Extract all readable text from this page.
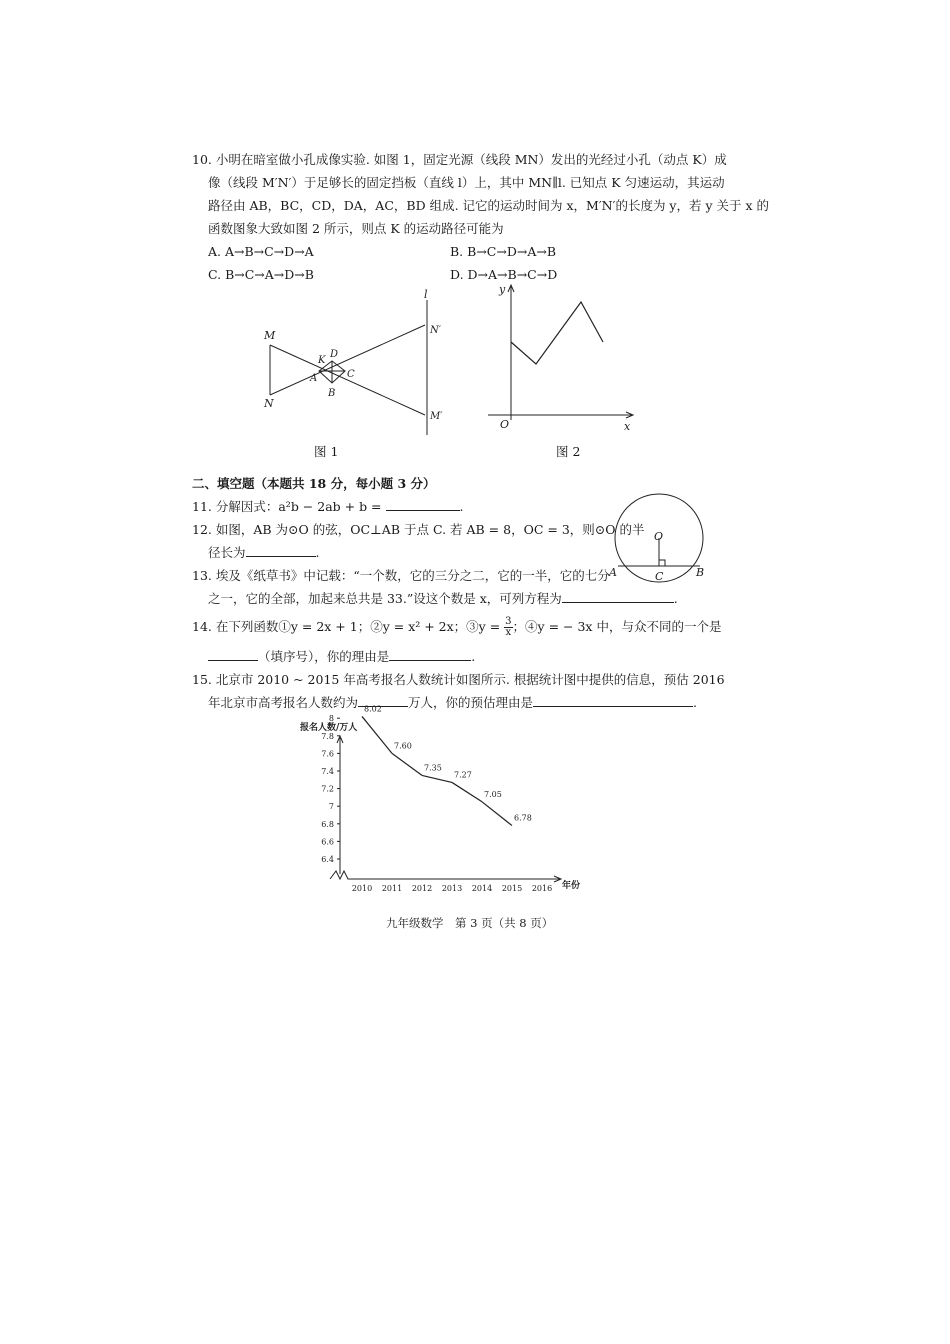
10. 小明在暗室做小孔成像实验. 如图 1，固定光源（线段 MN）发出的光经过小孔（动点 K）成
像（线段 M′N′）于足够长的固定挡板（直线 l）上，其中 MN∥l. 已知点 K 匀速运动，其运动
路径由 AB，BC，CD，DA，AC，BD 组成. 记它的运动时间为 x，M′N′的长度为 y，若 y 关于 x 的
函数图象大致如图 2 所示，则点 K 的运动路径可能为
A. A→B→C→D→A	B. B→C→D→A→B
C. B→C→A→D→B	D. D→A→B→C→D
M
N
K
D
A	C
B
l
N′
M′
图 1
y
x
O
图 2
二、填空题（本题共 18 分，每小题 3 分）
11. 分解因式：a²b − 2ab + b =	.
12. 如图，AB 为⊙O 的弦，OC⊥AB 于点 C. 若 AB = 8，OC = 3，则⊙O 的半
径长为	.
O
A	B
C
13. 埃及《纸草书》中记载：“一个数，它的三分之二，它的一半，它的七分
之一，它的全部，加起来总共是 33.”设这个数是 x，可列方程为	.
14. 在下列函数①y = 2x + 1；②y = x² + 2x；③y = $\frac{3}{x}$ ；④y = − 3x 中，与众不同的一个是
（填序号），你的理由是	.
15. 北京市 2010 ~ 2015 年高考报名人数统计如图所示. 根据统计图中提供的信息，预估 2016
年北京市高考报名人数约为	万人，你的预估理由是	.
6.4
6.6
6.8
7
7.2
7.4
7.6
7.8
8
2010 2011 2012 2013 2014 2015 2016
8.02
7.60
7.35
7.27
7.05
6.78
报名人数/万人
年份
九年级数学　第 3 页（共 8 页）
